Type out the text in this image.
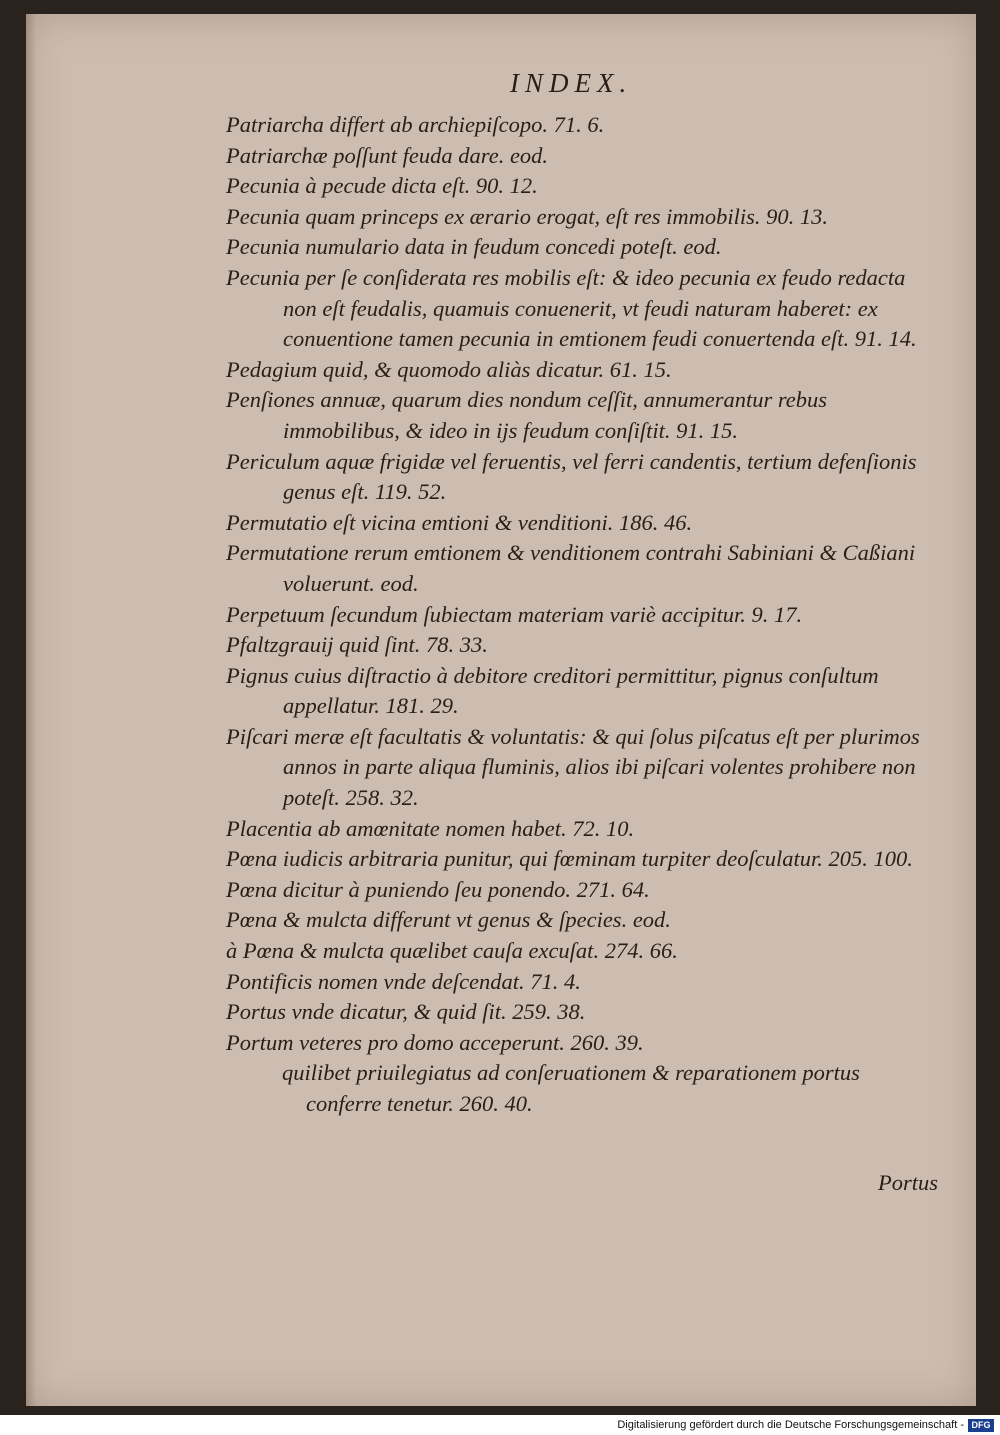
INDEX.
Patriarcha differt ab archiepiſcopo. 71. 6.
Patriarchæ poſſunt feuda dare. eod.
Pecunia à pecude dicta eſt. 90. 12.
Pecunia quam princeps ex ærario erogat, eſt res immobilis. 90. 13.
Pecunia numulario data in feudum concedi poteſt. eod.
Pecunia per ſe conſiderata res mobilis eſt: & ideo pecunia ex feudo redacta non eſt feudalis, quamuis conuenerit, vt feudi naturam haberet: ex conuentione tamen pecunia in emtionem feudi conuertenda eſt. 91. 14.
Pedagium quid, & quomodo aliàs dicatur. 61. 15.
Penſiones annuæ, quarum dies nondum ceſſit, annumerantur rebus immobilibus, & ideo in ijs feudum conſiſtit. 91. 15.
Periculum aquæ frigidæ vel feruentis, vel ferri candentis, tertium defenſionis genus eſt. 119. 52.
Permutatio eſt vicina emtioni & venditioni. 186. 46.
Permutatione rerum emtionem & venditionem contrahi Sabiniani & Caßiani voluerunt. eod.
Perpetuum ſecundum ſubiectam materiam variè accipitur. 9. 17.
Pfaltzgrauij quid ſint. 78. 33.
Pignus cuius diſtractio à debitore creditori permittitur, pignus conſultum appellatur. 181. 29.
Piſcari meræ eſt facultatis & voluntatis: & qui ſolus piſcatus eſt per plurimos annos in parte aliqua fluminis, alios ibi piſcari volentes prohibere non poteſt. 258. 32.
Placentia ab amœnitate nomen habet. 72. 10.
Pœna iudicis arbitraria punitur, qui fœminam turpiter deoſculatur. 205. 100.
Pœna dicitur à puniendo ſeu ponendo. 271. 64.
Pœna & mulcta differunt vt genus & ſpecies. eod.
à Pœna & mulcta quælibet cauſa excuſat. 274. 66.
Pontificis nomen vnde deſcendat. 71. 4.
Portus vnde dicatur, & quid ſit. 259. 38.
Portum veteres pro domo acceperunt. 260. 39.
quilibet priuilegiatus ad conſeruationem & reparationem portus conferre tenetur. 260. 40.
Portus
Digitalisierung gefördert durch die Deutsche Forschungsgemeinschaft - DFG
